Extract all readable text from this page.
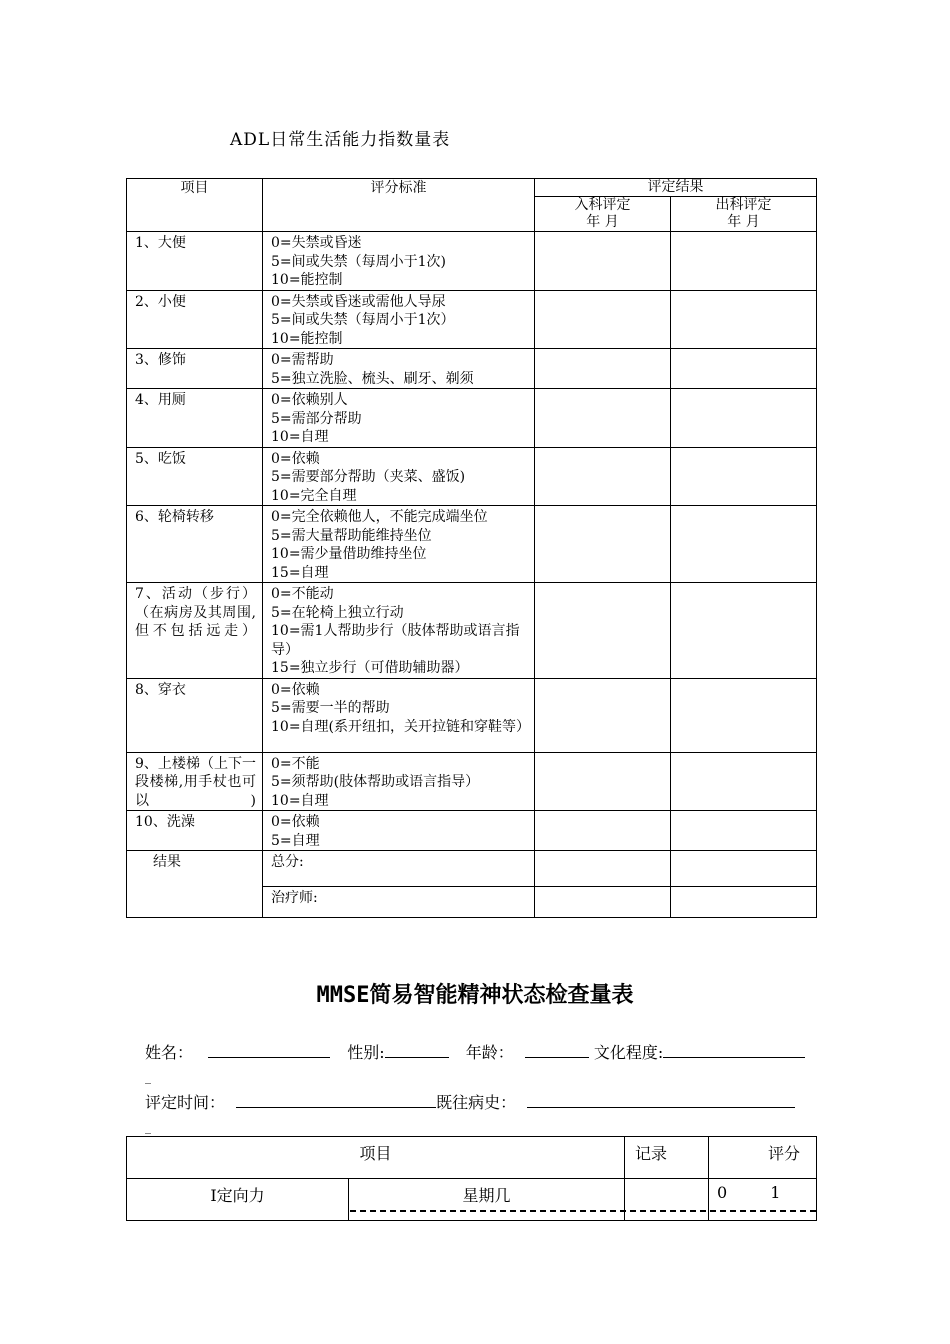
ADL日常生活能力指数量表
项目	评分标准	评定结果	
		入科评定	出科评定
		年 月	年 月
1、大便	0=失禁或昏迷
5=间或失禁（每周小于1次)
10=能控制		

2、小便	0=失禁或昏迷或需他人导尿
5=间或失禁（每周小于1次）
10=能控制		

3、修饰	0=需帮助
5=独立洗脸、梳头、刷牙、剃须		

4、用厕	0=依赖别人
5=需部分帮助
10=自理		

5、吃饭	0=依赖
5=需要部分帮助（夹菜、盛饭)
10=完全自理		

6、轮椅转移	0=完全依赖他人，不能完成端坐位
5=需大量帮助能维持坐位
10=需少量借助维持坐位
15=自理		

7、活动（步行）（在病房及其周围,但不包括远走）	0=不能动
5=在轮椅上独立行动
10=需1人帮助步行（肢体帮助或语言指导）
15=独立步行（可借助辅助器）		

8、穿衣	0=依赖
5=需要一半的帮助
10=自理(系开纽扣，关开拉链和穿鞋等）		

9、上楼梯（上下一段楼梯,用手杖也可以)	0=不能
5=须帮助(肢体帮助或语言指导）
10=自理		

10、洗澡	0=依赖
5=自理		

结果	总分:		
	治疗师:		
MMSE简易智能精神状态检查量表
姓名：	性别:	年龄：	文化程度:
_
评定时间：	既往病史：
_
项目		记录	评分
I定向力	星期几		0 1
